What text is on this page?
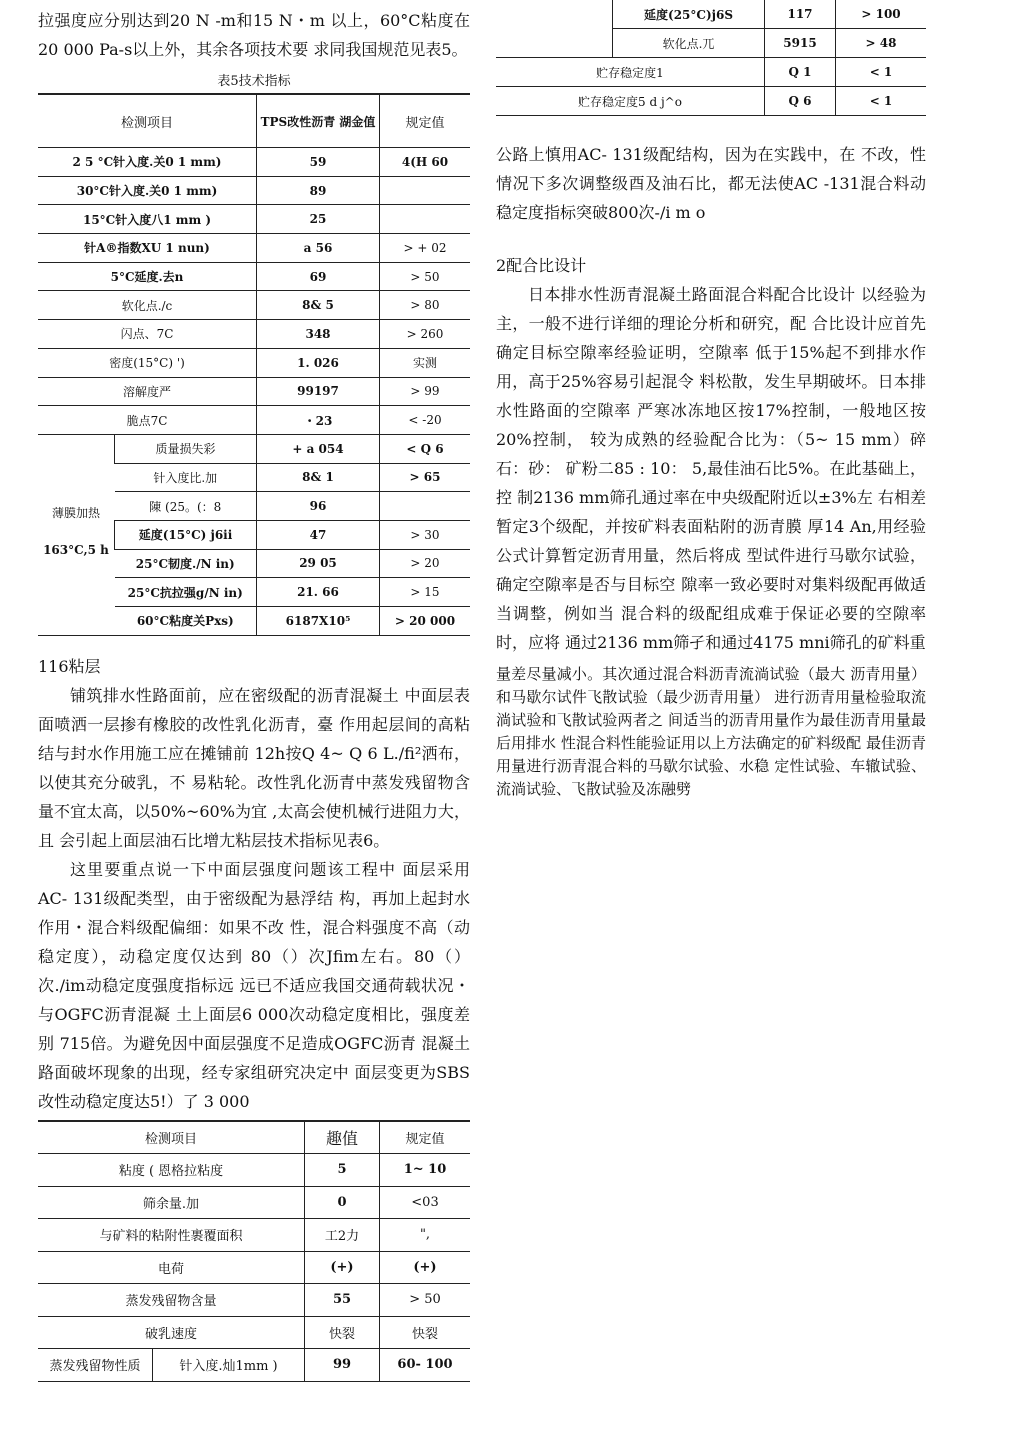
拉强度应分别达到20 N -m和15 N・m 以上，60°C粘度在20 000 Pa-s以上外，其余各项技术要 求同我国规范见表5。

表5技术指标
检测项目		TPS改性沥青 湖金值	规定值
2 5 °C针入度.关0 1 mm)		59	4(H 60
30°C针入度.关0 1 mm)		89	
15°C针入度八1 mm )		25	
针A®指数XU 1 nun)		a 56	> + 02
5°C延度.去n		69	> 50
软化点./c		8& 5	> 80
闪点、7C		348	> 260
密度(15°C) ')		1. 026	实测
溶解度严		99197	> 99
脆点7C		・23	< -20
	质量损失彩	+ a 054	< Q 6
	针入度比.加	8& 1	> 65
	陳 (25。(：8	96	

薄膜加热
163°C,5 h	延度(15°C) j6ii	47	> 30
	25°C韧度./N in)	29 05	> 20
	25°C抗拉强g/N in)	21. 66	> 15
	60°C粘度关Pxs)	6187X10⁵	> 20 000
116粘层

铺筑排水性路面前，应在密级配的沥青混凝土 中面层表面喷洒一层掺有橡胶的改性乳化沥青，臺 作用起层间的高粘结与封水作用施工应在摊铺前 12h按Q 4~ Q 6 L./fi²洒布，以使其充分破乳，不 易粘轮。改性乳化沥青中蒸发残留物含量不宜太高，以50%~60%为宜 ,太高会使机械行进阻力大，且 会引起上面层油石比增尢粘层技术指标见表6。

这里要重点说一下中面层强度问题该工程中 面层采用AC- 131级配类型，由于密级配为悬浮结 构，再加上起封水作用・混合料级配偏细：如果不改 性，混合料强度不高（动稳定度），动稳定度仅达到 80（）次Jfim左右。80（）次./im动稳定度强度指标远 远已不适应我国交通荷载状况・与OGFC沥青混凝 土上面层6 000次动稳定度相比，强度差别 715倍。为避免因中面层强度不足造成OGFC沥青 混凝土路面破坏现象的出现，经专家组研究决定中 面层变更为SBS改性动稳定度达5!）了 3 000

检测项目		趣值	规定值
粘度 ( 恩格拉粘度		5	1~ 10
筛余量.加		0	<03
与矿料的粘附性裹覆面积		工2力	",
电荷		(+)	(+)
蒸发残留物含量		55	> 50
破乳速度		快裂	快裂
蒸发残留物性质	针入度.灿1mm )	99	60- 100
	延度(25°C)j6S	117	> 100
	软化点.兀	5915	> 48
贮存稳定度1		Q 1	< 1
贮存稳定度5 d j^o		Q 6	< 1

公路上慎用AC- 131级配结构，因为在实践中，在 不改，性情况下多次调整级酉及油石比，都无法使AC -131混合料动稳定度指标突破800次-/i m o

2配合比设计

日本排水性沥青混凝土路面混合料配合比设计 以经验为主，一般不进行详细的理论分析和研究，配 合比设计应首先确定目标空隙率经验证明，空隙率 低于15%起不到排水作用，高于25%容易引起混令 料松散，发生早期破坏。日本排水性路面的空隙率 严寒冰冻地区按17%控制，一般地区按20%控制， 较为成熟的经验配合比为：（5~ 15 mm）碎石：砂： 矿粉二85 : 10： 5,最佳油石比5%。在此基础上，控 制2136 mm筛孔通过率在中央级配附近以±3%左 右相差暂定3个级配，并按矿料表面粘附的沥青膜 厚14 An,用经验公式计算暂定沥青用量，然后将成 型试件进行马歇尔试验，确定空隙率是否与目标空 隙率一致必要时对集料级配再做适当调整，例如当 混合料的级配组成难于保证必要的空隙率时，应将 通过2136 mm筛孑和通过4175 mni筛孔的矿料重

量差尽量减小。其次通过混合料沥青流淌试验（最大 沥青用量）和马歇尔试件飞散试验（最少沥青用量） 进行沥青用量检验取流淌试验和飞散试验两者之 间适当的沥青用量作为最佳沥青用量最后用排水 性混合料性能验证用以上方法确定的矿料级配 最佳沥青用量进行沥青混合料的马歇尔试验、水稳 定性试验、车辙试验、流淌试验、飞散试验及冻融劈
